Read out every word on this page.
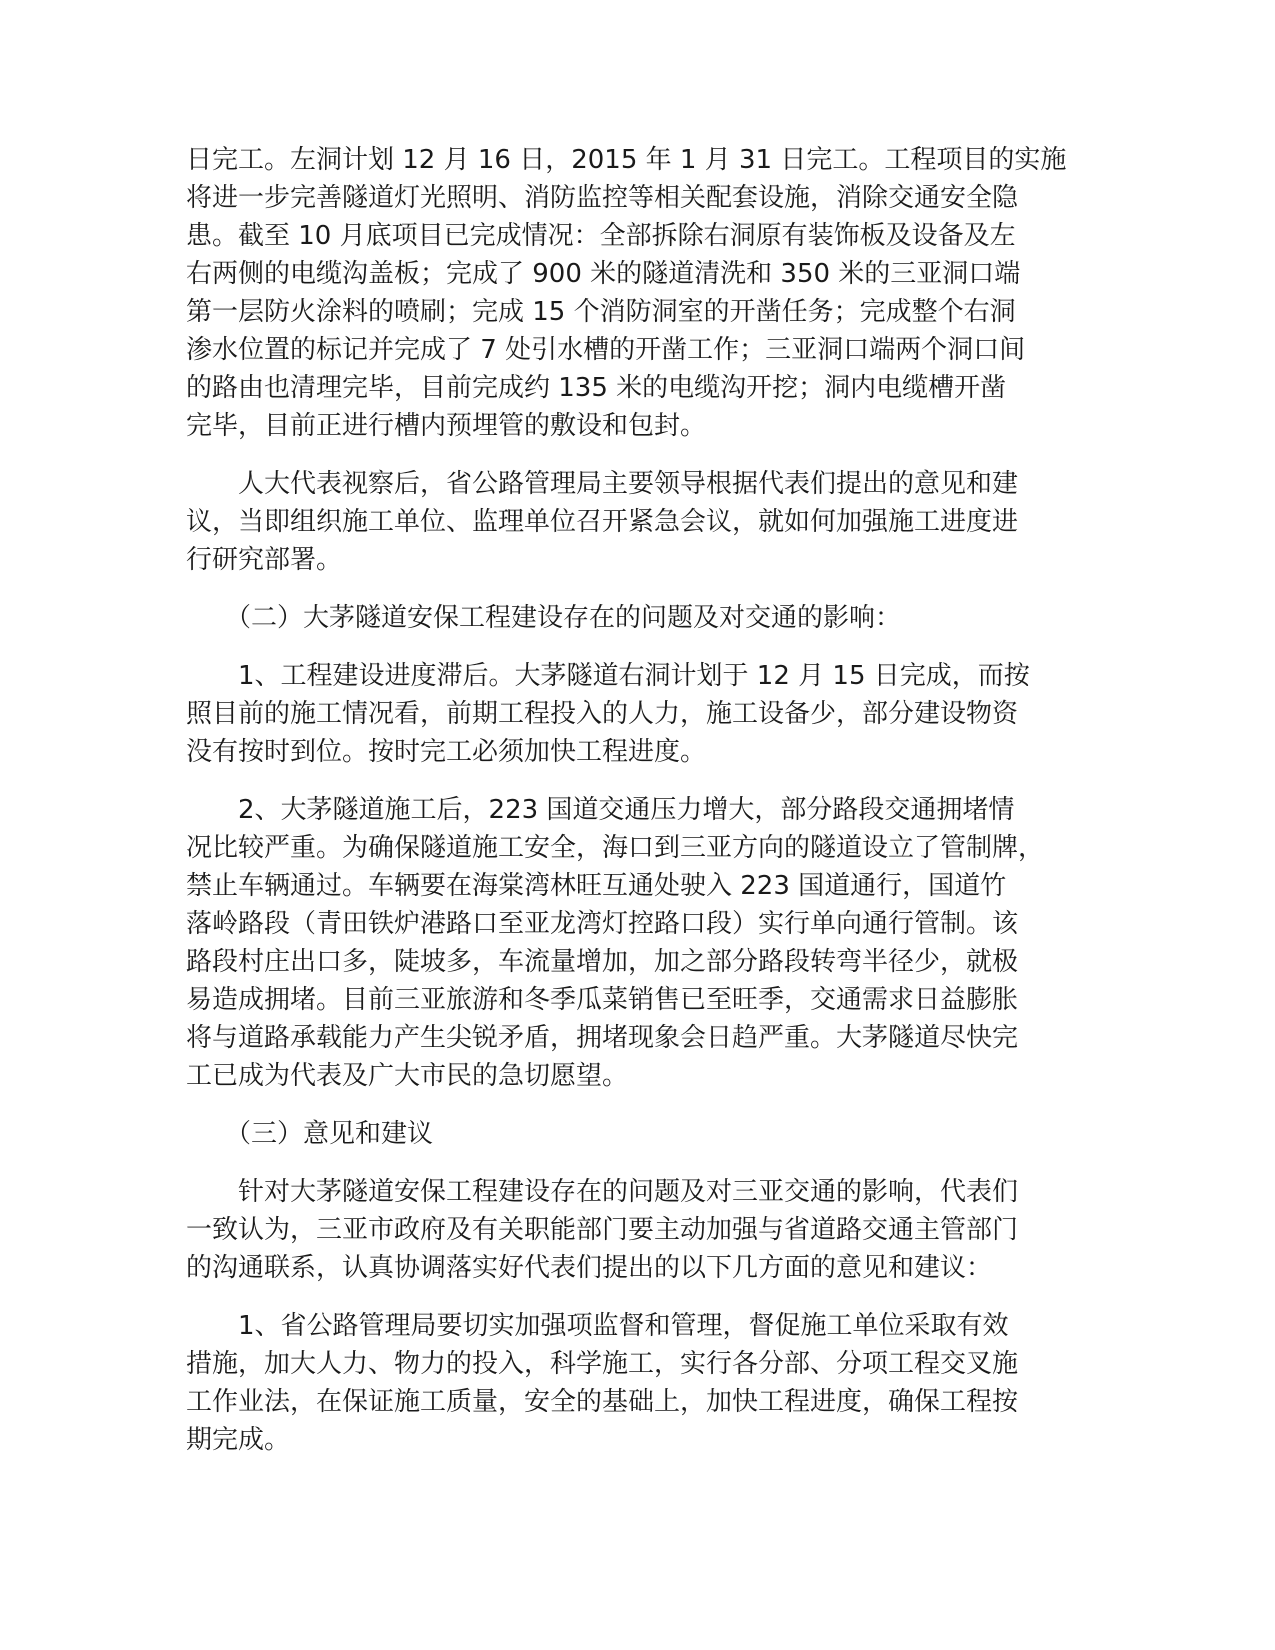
日完工。左洞计划 12 月 16 日，2015 年 1 月 31 日完工。工程项目的实施
将进一步完善隧道灯光照明、消防监控等相关配套设施，消除交通安全隐
患。截至 10 月底项目已完成情况：全部拆除右洞原有装饰板及设备及左
右两侧的电缆沟盖板；完成了 900 米的隧道清洗和 350 米的三亚洞口端
第一层防火涂料的喷刷；完成 15 个消防洞室的开凿任务；完成整个右洞
渗水位置的标记并完成了 7 处引水槽的开凿工作；三亚洞口端两个洞口间
的路由也清理完毕，目前完成约 135 米的电缆沟开挖；洞内电缆槽开凿
完毕，目前正进行槽内预埋管的敷设和包封。
　　人大代表视察后，省公路管理局主要领导根据代表们提出的意见和建
议，当即组织施工单位、监理单位召开紧急会议，就如何加强施工进度进
行研究部署。
　　（二）大茅隧道安保工程建设存在的问题及对交通的影响：
　　1、工程建设进度滞后。大茅隧道右洞计划于 12 月 15 日完成，而按
照目前的施工情况看，前期工程投入的人力，施工设备少，部分建设物资
没有按时到位。按时完工必须加快工程进度。
　　2、大茅隧道施工后，223 国道交通压力增大，部分路段交通拥堵情
况比较严重。为确保隧道施工安全，海口到三亚方向的隧道设立了管制牌，
禁止车辆通过。车辆要在海棠湾林旺互通处驶入 223 国道通行，国道竹
落岭路段（青田铁炉港路口至亚龙湾灯控路口段）实行单向通行管制。该
路段村庄出口多，陡坡多，车流量增加，加之部分路段转弯半径少，就极
易造成拥堵。目前三亚旅游和冬季瓜菜销售已至旺季，交通需求日益膨胀
将与道路承载能力产生尖锐矛盾，拥堵现象会日趋严重。大茅隧道尽快完
工已成为代表及广大市民的急切愿望。
　　（三）意见和建议
　　针对大茅隧道安保工程建设存在的问题及对三亚交通的影响，代表们
一致认为，三亚市政府及有关职能部门要主动加强与省道路交通主管部门
的沟通联系，认真协调落实好代表们提出的以下几方面的意见和建议：
　　1、省公路管理局要切实加强项监督和管理，督促施工单位采取有效
措施，加大人力、物力的投入，科学施工，实行各分部、分项工程交叉施
工作业法，在保证施工质量，安全的基础上，加快工程进度，确保工程按
期完成。
